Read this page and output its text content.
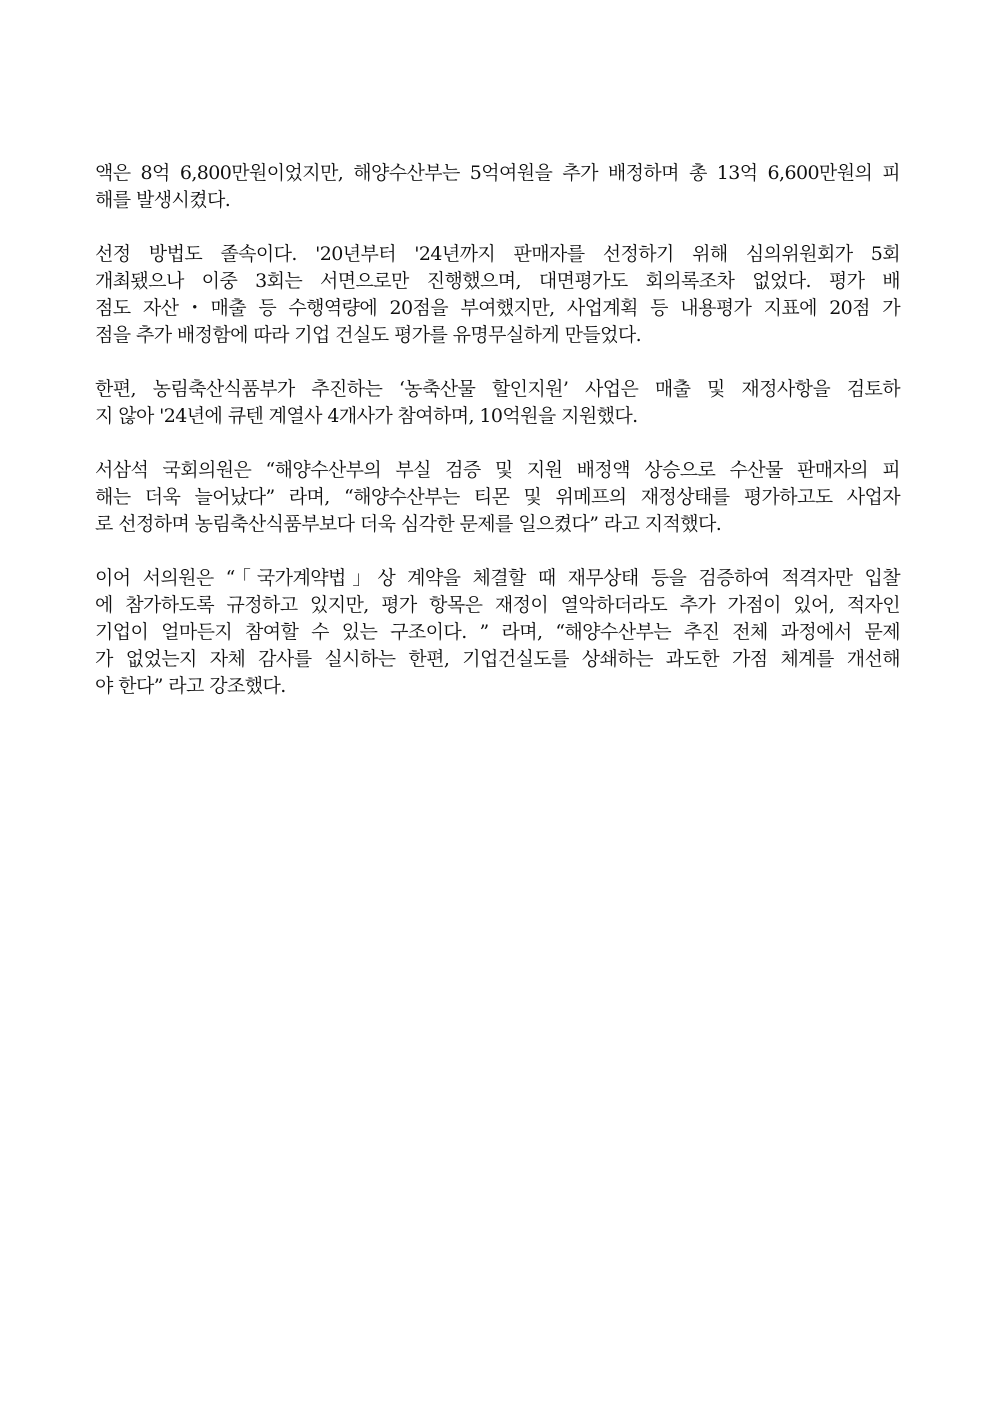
액은 8억 6,800만원이었지만, 해양수산부는 5억여원을 추가 배정하며 총 13억 6,600만원의 피
해를 발생시켰다.

선정 방법도 졸속이다. '20년부터 '24년까지 판매자를 선정하기 위해 심의위원회가 5회
개최됐으나 이중 3회는 서면으로만 진행했으며, 대면평가도 회의록조차 없었다. 평가 배
점도 자산・매출 등 수행역량에 20점을 부여했지만, 사업계획 등 내용평가 지표에 20점 가
점을 추가 배정함에 따라 기업 건실도 평가를 유명무실하게 만들었다.

한편, 농림축산식품부가 추진하는 ‘농축산물 할인지원’ 사업은 매출 및 재정사항을 검토하
지 않아 '24년에 큐텐 계열사 4개사가 참여하며, 10억원을 지원했다.

서삼석 국회의원은 “해양수산부의 부실 검증 및 지원 배정액 상승으로 수산물 판매자의 피
해는 더욱 늘어났다” 라며, “해양수산부는 티몬 및 위메프의 재정상태를 평가하고도 사업자
로 선정하며 농림축산식품부보다 더욱 심각한 문제를 일으켰다” 라고 지적했다.

이어 서의원은 “「국가계약법」상 계약을 체결할 때 재무상태 등을 검증하여 적격자만 입찰
에 참가하도록 규정하고 있지만, 평가 항목은 재정이 열악하더라도 추가 가점이 있어, 적자인
기업이 얼마든지 참여할 수 있는 구조이다. ” 라며, “해양수산부는 추진 전체 과정에서 문제
가 없었는지 자체 감사를 실시하는 한편, 기업건실도를 상쇄하는 과도한 가점 체계를 개선해
야 한다” 라고 강조했다.
